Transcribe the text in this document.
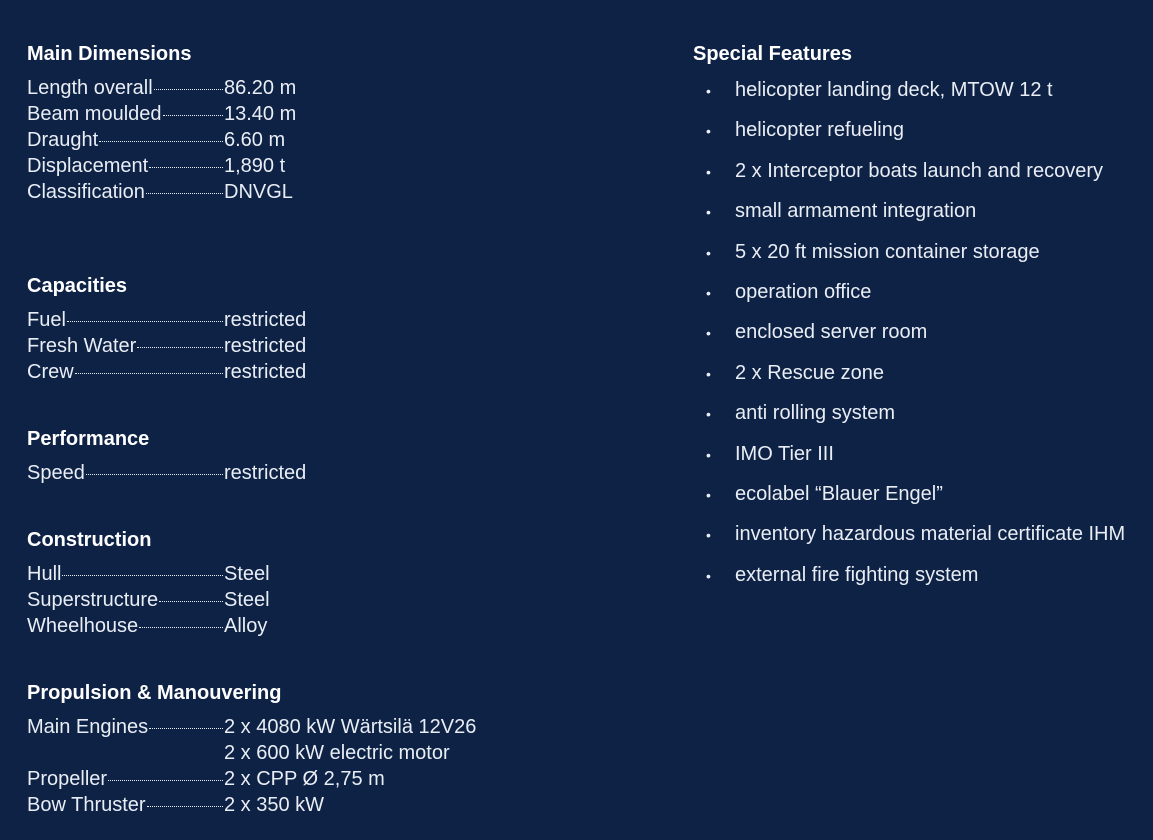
Main Dimensions
Length overall	86.20 m
Beam moulded	13.40 m
Draught	6.60 m
Displacement	1,890 t
Classification	DNVGL
Capacities
Fuel	restricted
Fresh Water	restricted
Crew	restricted
Performance
Speed	restricted
Construction
Hull	Steel
Superstructure	Steel
Wheelhouse	Alloy
Propulsion & Manouvering
Main Engines	2 x 4080 kW Wärtsilä 12V26
2 x 600 kW electric motor
Propeller	2 x CPP Ø 2,75 m
Bow Thruster	2 x 350 kW
Special Features
•	helicopter landing deck, MTOW 12 t
•	helicopter refueling
•	2 x Interceptor boats launch and recovery
•	small armament integration
•	5 x 20 ft mission container storage
•	operation office
•	enclosed server room
•	2 x Rescue zone
•	anti rolling system
•	IMO Tier III
•	ecolabel “Blauer Engel”
•	inventory hazardous material certificate IHM
•	external fire fighting system
